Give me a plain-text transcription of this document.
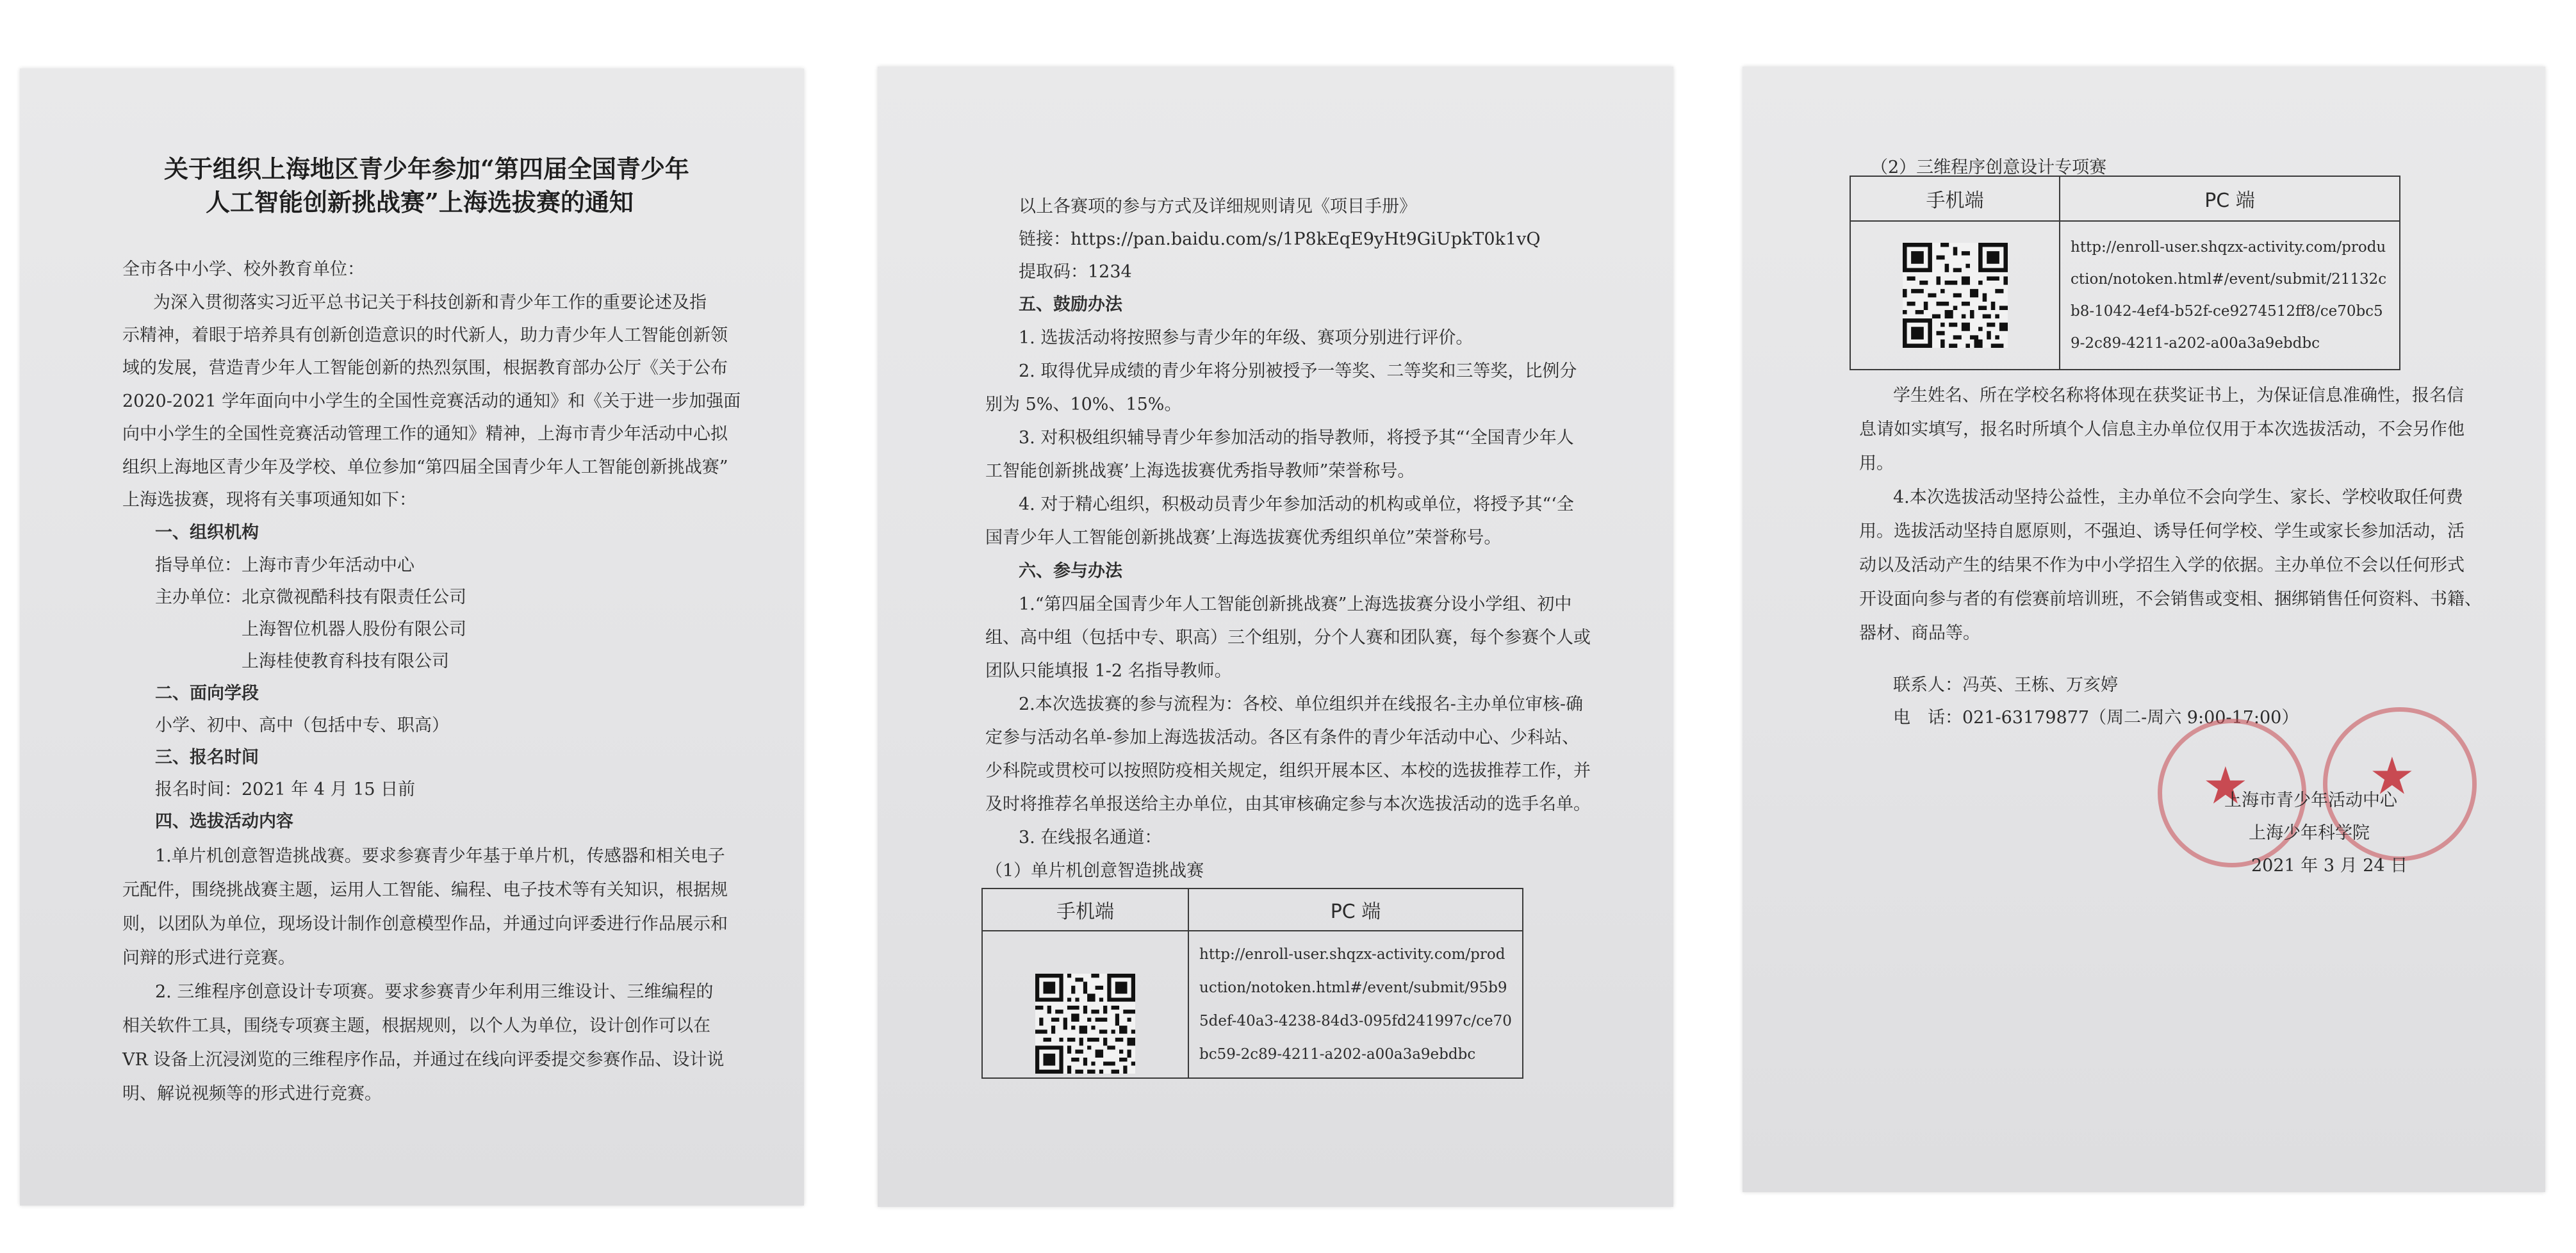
关于组织上海地区青少年参加“第四届全国青少年
人工智能创新挑战赛”上海选拔赛的通知
全市各中小学、校外教育单位：
为深入贯彻落实习近平总书记关于科技创新和青少年工作的重要论述及指
示精神，着眼于培养具有创新创造意识的时代新人，助力青少年人工智能创新领
域的发展，营造青少年人工智能创新的热烈氛围，根据教育部办公厅《关于公布
2020-2021 学年面向中小学生的全国性竞赛活动的通知》和《关于进一步加强面
向中小学生的全国性竞赛活动管理工作的通知》精神，上海市青少年活动中心拟
组织上海地区青少年及学校、单位参加“第四届全国青少年人工智能创新挑战赛”
上海选拔赛，现将有关事项通知如下：
一、组织机构
指导单位：上海市青少年活动中心
主办单位：北京微视酷科技有限责任公司
上海智位机器人股份有限公司
上海桂使教育科技有限公司
二、面向学段
小学、初中、高中（包括中专、职高）
三、报名时间
报名时间：2021 年 4 月 15 日前
四、选拔活动内容
1.单片机创意智造挑战赛。要求参赛青少年基于单片机，传感器和相关电子
元配件，围绕挑战赛主题，运用人工智能、编程、电子技术等有关知识，根据规
则，以团队为单位，现场设计制作创意模型作品，并通过向评委进行作品展示和
问辩的形式进行竞赛。
2. 三维程序创意设计专项赛。要求参赛青少年利用三维设计、三维编程的
相关软件工具，围绕专项赛主题，根据规则，以个人为单位，设计创作可以在
VR 设备上沉浸浏览的三维程序作品，并通过在线向评委提交参赛作品、设计说
明、解说视频等的形式进行竞赛。
以上各赛项的参与方式及详细规则请见《项目手册》
链接：https://pan.baidu.com/s/1P8kEqE9yHt9GiUpkT0k1vQ
提取码：1234
五、鼓励办法
1. 选拔活动将按照参与青少年的年级、赛项分别进行评价。
2. 取得优异成绩的青少年将分别被授予一等奖、二等奖和三等奖，比例分
别为 5%、10%、15%。
3. 对积极组织辅导青少年参加活动的指导教师，将授予其“‘全国青少年人
工智能创新挑战赛’上海选拔赛优秀指导教师”荣誉称号。
4. 对于精心组织，积极动员青少年参加活动的机构或单位，将授予其“‘全
国青少年人工智能创新挑战赛’上海选拔赛优秀组织单位”荣誉称号。
六、参与办法
1.“第四届全国青少年人工智能创新挑战赛”上海选拔赛分设小学组、初中
组、高中组（包括中专、职高）三个组别，分个人赛和团队赛，每个参赛个人或
团队只能填报 1-2 名指导教师。
2.本次选拔赛的参与流程为：各校、单位组织并在线报名-主办单位审核-确
定参与活动名单-参加上海选拔活动。各区有条件的青少年活动中心、少科站、
少科院或贯校可以按照防疫相关规定，组织开展本区、本校的选拔推荐工作，并
及时将推荐名单报送给主办单位，由其审核确定参与本次选拔活动的选手名单。
3. 在线报名通道：
（1）单片机创意智造挑战赛
手机端	PC 端

	http://enroll-user.shqzx-activity.com/production/notoken.html#/event/submit/95b95def-40a3-4238-84d3-095fd241997c/ce70bc59-2c89-4211-a202-a00a3a9ebdbc
（2）三维程序创意设计专项赛
手机端	PC 端

	http://enroll-user.shqzx-activity.com/production/notoken.html#/event/submit/21132cb8-1042-4ef4-b52f-ce9274512ff8/ce70bc59-2c89-4211-a202-a00a3a9ebdbc
学生姓名、所在学校名称将体现在获奖证书上，为保证信息准确性，报名信
息请如实填写，报名时所填个人信息主办单位仅用于本次选拔活动，不会另作他
用。
4.本次选拔活动坚持公益性，主办单位不会向学生、家长、学校收取任何费
用。选拔活动坚持自愿原则，不强迫、诱导任何学校、学生或家长参加活动，活
动以及活动产生的结果不作为中小学招生入学的依据。主办单位不会以任何形式
开设面向参与者的有偿赛前培训班，不会销售或变相、捆绑销售任何资料、书籍、
器材、商品等。
联系人：冯英、王栋、万亥婷
电　话：021-63179877（周二-周六 9:00-17:00）
★ ★
上海市青少年活动中心
上海少年科学院
2021 年 3 月 24 日
